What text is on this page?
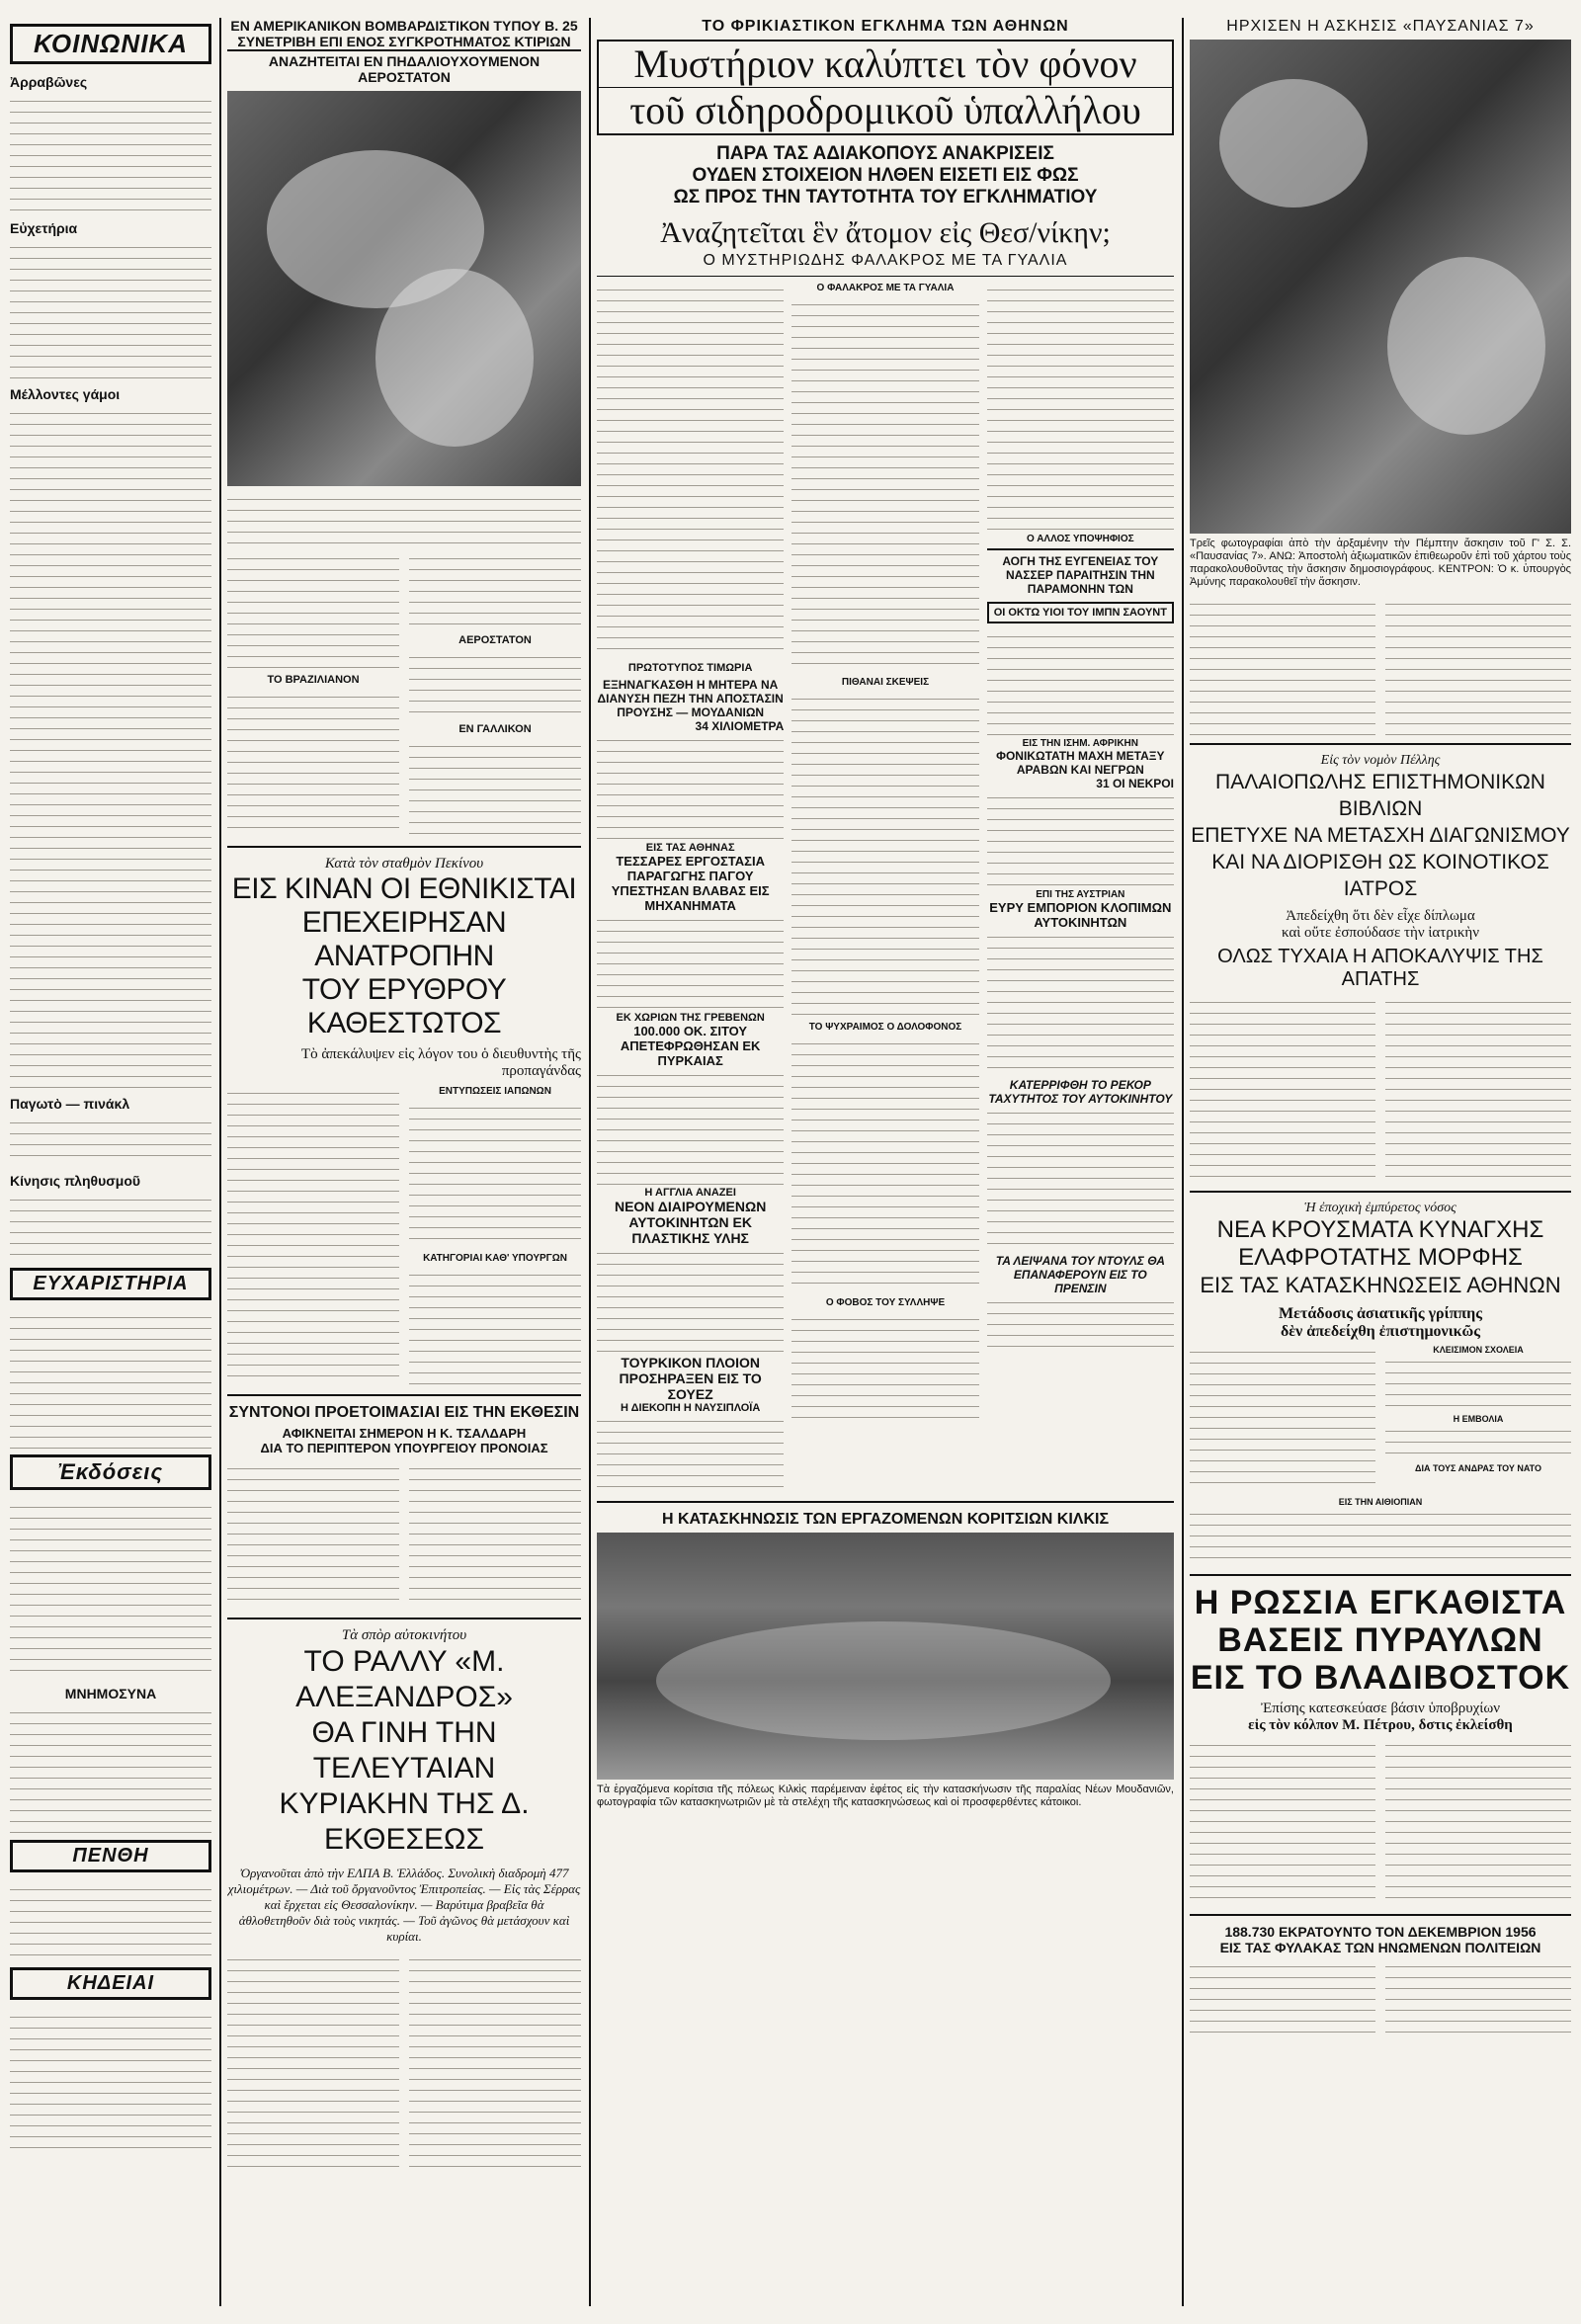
ΚΟΙΝΩΝΙΚΑ
Ἀρραβῶνες
Εὐχετήρια
Μέλλοντες γάμοι
Παγωτὸ — πινάκλ
Κίνησις πληθυσμοῦ
ΕΥΧΑΡΙΣΤΗΡΙΑ
Ἐκδόσεις
ΜΝΗΜΟΣΥΝΑ
ΠΕΝΘΗ
ΚΗΔΕΙΑΙ
ΕΝ ΑΜΕΡΙΚΑΝΙΚΟΝ ΒΟΜΒΑΡΔΙΣΤΙΚΟΝ ΤΥΠΟΥ Β. 25
ΣΥΝΕΤΡΙΒΗ ΕΠΙ ΕΝΟΣ ΣΥΓΚΡΟΤΗΜΑΤΟΣ ΚΤΙΡΙΩΝ
ΑΝΑΖΗΤΕΙΤΑΙ ΕΝ ΠΗΔΑΛΙΟΥΧΟΥΜΕΝΟΝ ΑΕΡΟΣΤΑΤΟΝ
ΤΟ ΒΡΑΖΙΛΙΑΝΟΝ
ΑΕΡΟΣΤΑΤΟΝ
ΕΝ ΓΑΛΛΙΚΟΝ
Κατὰ τὸν σταθμὸν Πεκίνου
ΕΙΣ ΚΙΝΑΝ ΟΙ ΕΘΝΙΚΙΣΤΑΙ
ΕΠΕΧΕΙΡΗΣΑΝ ΑΝΑΤΡΟΠΗΝ
ΤΟΥ ΕΡΥΘΡΟΥ ΚΑΘΕΣΤΩΤΟΣ
Τὸ ἀπεκάλυψεν εἰς λόγον του ὁ διευθυντὴς τῆς προπαγάνδας
ΕΝΤΥΠΩΣΕΙΣ ΙΑΠΩΝΩΝ
ΚΑΤΗΓΟΡΙΑΙ ΚΑΘ' ΥΠΟΥΡΓΩΝ
ΣΥΝΤΟΝΟΙ ΠΡΟΕΤΟΙΜΑΣΙΑΙ ΕΙΣ ΤΗΝ ΕΚΘΕΣΙΝ
ΑΦΙΚΝΕΙΤΑΙ ΣΗΜΕΡΟΝ Η Κ. ΤΣΑΛΔΑΡΗ
ΔΙΑ ΤΟ ΠΕΡΙΠΤΕΡΟΝ ΥΠΟΥΡΓΕΙΟΥ ΠΡΟΝΟΙΑΣ
Τὰ σπὸρ αὐτοκινήτου
ΤΟ ΡΑΛΛΥ «Μ. ΑΛΕΞΑΝΔΡΟΣ»
ΘΑ ΓΙΝΗ ΤΗΝ ΤΕΛΕΥΤΑΙΑΝ
ΚΥΡΙΑΚΗΝ ΤΗΣ Δ. ΕΚΘΕΣΕΩΣ
Ὀργανοῦται ἀπὸ τὴν ΕΛΠΑ Β. Ἑλλάδος. Συνολικὴ διαδρομὴ 477 χιλιομέτρων. — Διὰ τοῦ ὄργανοῦντος Ἐπιτροπείας. — Εἰς τὰς Σέρρας καὶ ἔρχεται εἰς Θεσσαλονίκην. — Βαρύτιμα βραβεῖα θὰ ἀθλοθετηθοῦν διὰ τοὺς νικητάς. — Τοῦ ἀγῶνος θὰ μετάσχουν καὶ κυρίαι.
ΤΟ ΦΡΙΚΙΑΣΤΙΚΟΝ ΕΓΚΛΗΜΑ ΤΩΝ ΑΘΗΝΩΝ
Μυστήριον καλύπτει τὸν φόνον
τοῦ σιδηροδρομικοῦ ὑπαλλήλου
ΠΑΡΑ ΤΑΣ ΑΔΙΑΚΟΠΟΥΣ ΑΝΑΚΡΙΣΕΙΣ
ΟΥΔΕΝ ΣΤΟΙΧΕΙΟΝ ΗΛΘΕΝ ΕΙΣΕΤΙ ΕΙΣ ΦΩΣ
ΩΣ ΠΡΟΣ ΤΗΝ ΤΑΥΤΟΤΗΤΑ ΤΟΥ ΕΓΚΛΗΜΑΤΙΟΥ
Ἀναζητεῖται ἓν ἄτομον εἰς Θεσ/νίκην;
Ο ΜΥΣΤΗΡΙΩΔΗΣ ΦΑΛΑΚΡΟΣ ΜΕ ΤΑ ΓΥΑΛΙΑ
ΠΡΩΤΟΤΥΠΟΣ ΤΙΜΩΡΙΑ
ΕΞΗΝΑΓΚΑΣΘΗ Η ΜΗΤΕΡΑ ΝΑ ΔΙΑΝΥΣΗ ΠΕΖΗ ΤΗΝ ΑΠΟΣΤΑΣΙΝ ΠΡΟΥΣΗΣ — ΜΟΥΔΑΝΙΩΝ
34 ΧΙΛΙΟΜΕΤΡΑ
ΕΙΣ ΤΑΣ ΑΘΗΝΑΣ
ΤΕΣΣΑΡΕΣ ΕΡΓΟΣΤΑΣΙΑ ΠΑΡΑΓΩΓΗΣ ΠΑΓΟΥ ΥΠΕΣΤΗΣΑΝ ΒΛΑΒΑΣ ΕΙΣ ΜΗΧΑΝΗΜΑΤΑ
ΕΚ ΧΩΡΙΩΝ ΤΗΣ ΓΡΕΒΕΝΩΝ
100.000 ΟΚ. ΣΙΤΟΥ ΑΠΕΤΕΦΡΩΘΗΣΑΝ ΕΚ ΠΥΡΚΑΙΑΣ
Η ΑΓΓΛΙΑ ΑΝΑΖΕΙ
ΝΕΟΝ ΔΙΑΙΡΟΥΜΕΝΩΝ ΑΥΤΟΚΙΝΗΤΩΝ ΕΚ ΠΛΑΣΤΙΚΗΣ ΥΛΗΣ
ΤΟΥΡΚΙΚΟΝ ΠΛΟΙΟΝ ΠΡΟΣΗΡΑΞΕΝ ΕΙΣ ΤΟ ΣΟΥΕΖ
Η ΔΙΕΚΟΠΗ Η ΝΑΥΣΙΠΛΟΪΑ
Ο ΦΑΛΑΚΡΟΣ ΜΕ ΤΑ ΓΥΑΛΙΑ
ΠΙΘΑΝΑΙ ΣΚΕΨΕΙΣ
ΤΟ ΨΥΧΡΑΙΜΟΣ Ο ΔΟΛΟΦΟΝΟΣ
Ο ΦΟΒΟΣ ΤΟΥ ΣΥΛΛΗΨΕ
Ο ΑΛΛΟΣ ΥΠΟΨΗΦΙΟΣ
ΑΟΓΗ ΤΗΣ ΕΥΓΕΝΕΙΑΣ ΤΟΥ ΝΑΣΣΕΡ ΠΑΡΑΙΤΗΣΙΝ ΤΗΝ ΠΑΡΑΜΟΝΗΝ ΤΩΝ
ΟΙ ΟΚΤΩ ΥΙΟΙ ΤΟΥ ΙΜΠΝ ΣΑΟΥΝΤ
ΕΙΣ ΤΗΝ ΙΣΗΜ. ΑΦΡΙΚΗΝ
ΦΟΝΙΚΩΤΑΤΗ ΜΑΧΗ ΜΕΤΑΞΥ ΑΡΑΒΩΝ ΚΑΙ ΝΕΓΡΩΝ
31 ΟΙ ΝΕΚΡΟΙ
ΕΠΙ ΤΗΣ ΑΥΣΤΡΙΑΝ
ΕΥΡΥ ΕΜΠΟΡΙΟΝ ΚΛΟΠΙΜΩΝ ΑΥΤΟΚΙΝΗΤΩΝ
ΚΑΤΕΡΡΙΦΘΗ ΤΟ ΡΕΚΟΡ ΤΑΧΥΤΗΤΟΣ ΤΟΥ ΑΥΤΟΚΙΝΗΤΟΥ
ΤΑ ΛΕΙΨΑΝΑ ΤΟΥ ΝΤΟΥΛΣ ΘΑ ΕΠΑΝΑΦΕΡΟΥΝ ΕΙΣ ΤΟ ΠΡΕΝΣΙΝ
Η ΚΑΤΑΣΚΗΝΩΣΙΣ ΤΩΝ ΕΡΓΑΖΟΜΕΝΩΝ ΚΟΡΙΤΣΙΩΝ ΚΙΛΚΙΣ
Τὰ ἐργαζόμενα κορίτσια τῆς πόλεως Κιλκὶς παρέμειναν ἐφέτος εἰς τὴν κατασκήνωσιν τῆς παραλίας Νέων Μουδανιῶν, φωτογραφία τῶν κατασκηνωτριῶν μὲ τὰ στελέχη τῆς κατασκηνώσεως καὶ οἱ προσφερθέντες κάτοικοι.
ΗΡΧΙΣΕΝ Η ΑΣΚΗΣΙΣ «ΠΑΥΣΑΝΙΑΣ 7»
Τρεῖς φωτογραφίαι ἀπὸ τὴν ἀρξαμένην τὴν Πέμπτην ἄσκησιν τοῦ Γ' Σ. Σ. «Παυσανίας 7». ΑΝΩ: Ἀποστολὴ ἀξιωματικῶν ἐπιθεωροῦν ἐπὶ τοῦ χάρτου τοὺς παρακολουθοῦντας τὴν ἄσκησιν δημοσιογράφους. ΚΕΝΤΡΟΝ: Ὁ κ. ὑπουργὸς Ἀμύνης παρακολουθεῖ τὴν ἄσκησιν.
Εἰς τὸν νομὸν Πέλλης
ΠΑΛΑΙΟΠΩΛΗΣ ΕΠΙΣΤΗΜΟΝΙΚΩΝ ΒΙΒΛΙΩΝ
ΕΠΕΤΥΧΕ ΝΑ ΜΕΤΑΣΧΗ ΔΙΑΓΩΝΙΣΜΟΥ
ΚΑΙ ΝΑ ΔΙΟΡΙΣΘΗ ΩΣ ΚΟΙΝΟΤΙΚΟΣ ΙΑΤΡΟΣ
Ἀπεδείχθη ὅτι δὲν εἶχε δίπλωμα
καὶ οὔτε ἐσπούδασε τὴν ἰατρικὴν
ΟΛΩΣ ΤΥΧΑΙΑ Η ΑΠΟΚΑΛΥΨΙΣ ΤΗΣ ΑΠΑΤΗΣ
Ἡ ἐποχικὴ ἐμπύρετος νόσος
ΝΕΑ ΚΡΟΥΣΜΑΤΑ ΚΥΝΑΓΧΗΣ
ΕΛΑΦΡΟΤΑΤΗΣ ΜΟΡΦΗΣ
ΕΙΣ ΤΑΣ ΚΑΤΑΣΚΗΝΩΣΕΙΣ ΑΘΗΝΩΝ
Μετάδοσις ἀσιατικῆς γρίππης
δὲν ἀπεδείχθη ἐπιστημονικῶς
ΚΛΕΙΣΙΜΟΝ ΣΧΟΛΕΙΑ
Η ΕΜΒΟΛΙΑ
ΔΙΑ ΤΟΥΣ ΑΝΔΡΑΣ ΤΟΥ ΝΑΤΟ
ΕΙΣ ΤΗΝ ΑΙΘΙΟΠΙΑΝ
Η ΡΩΣΣΙΑ ΕΓΚΑΘΙΣΤΑ
ΒΑΣΕΙΣ ΠΥΡΑΥΛΩΝ
ΕΙΣ ΤΟ ΒΛΑΔΙΒΟΣΤΟΚ
Ἐπίσης κατεσκεύασε βάσιν ὑποβρυχίων
εἰς τὸν κόλπον Μ. Πέτρου, δστις ἐκλείσθη
188.730 ΕΚΡΑΤΟΥΝΤΟ ΤΟΝ ΔΕΚΕΜΒΡΙΟΝ 1956
ΕΙΣ ΤΑΣ ΦΥΛΑΚΑΣ ΤΩΝ ΗΝΩΜΕΝΩΝ ΠΟΛΙΤΕΙΩΝ
